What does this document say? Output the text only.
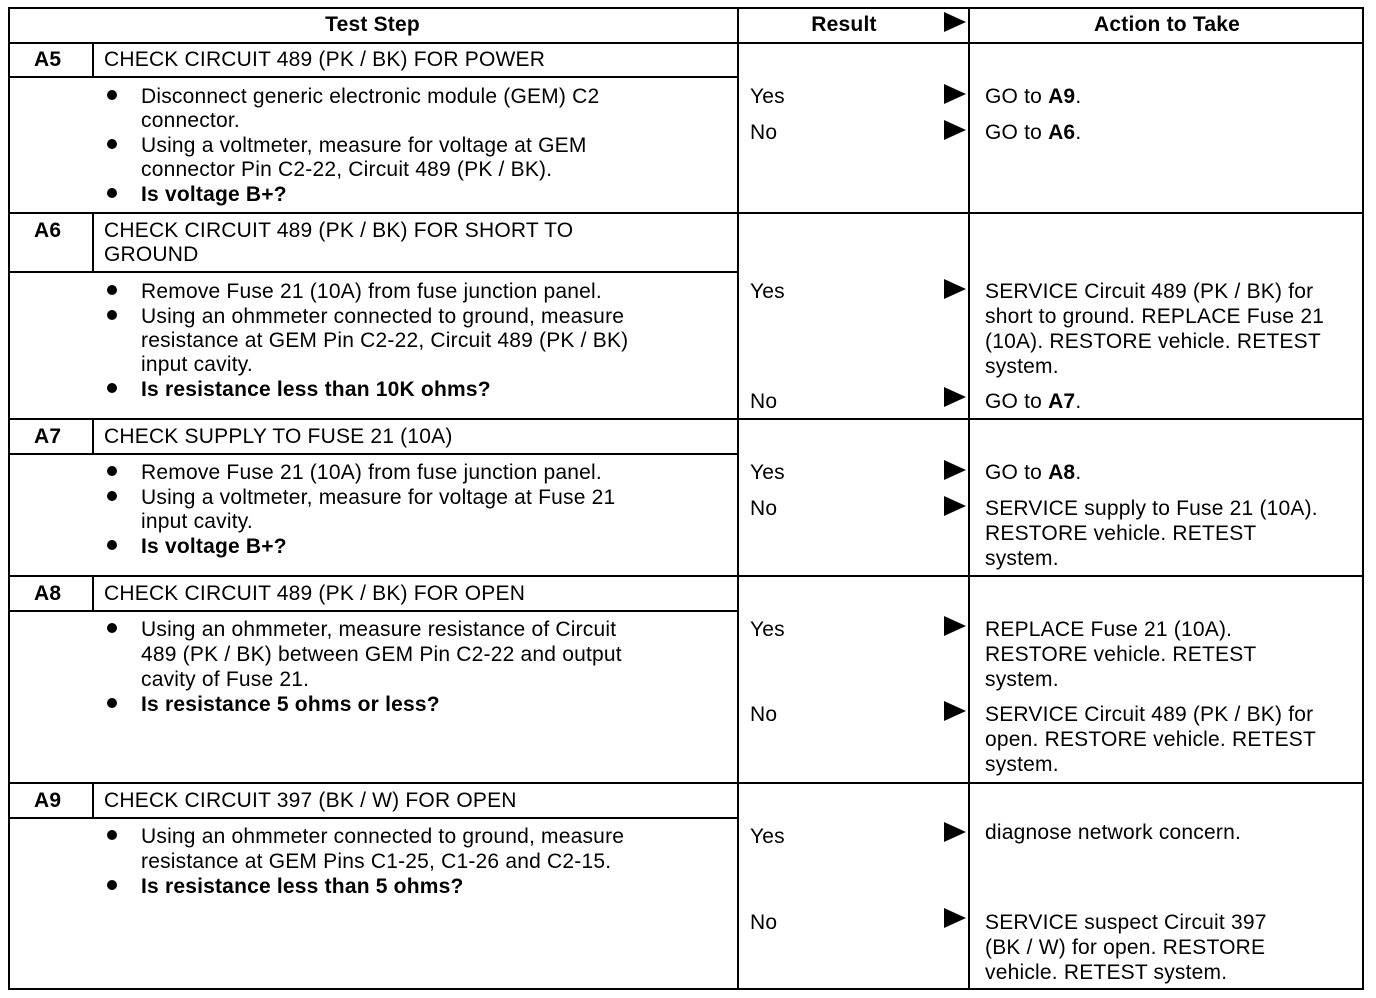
Test Step	Result	Action to Take
A5 CHECK CIRCUIT 489 (PK / BK) FOR POWER
Disconnect generic electronic module (GEM) C2
connector.
Using a voltmeter, measure for voltage at GEM
connector Pin C2-22, Circuit 489 (PK / BK).
Is voltage B+?
Yes	GO to A9.
No	GO to A6.
A6 CHECK CIRCUIT 489 (PK / BK) FOR SHORT TO
GROUND
Remove Fuse 21 (10A) from fuse junction panel.
Using an ohmmeter connected to ground, measure
resistance at GEM Pin C2-22, Circuit 489 (PK / BK)
input cavity.
Is resistance less than 10K ohms?
Yes	SERVICE Circuit 489 (PK / BK) for
short to ground. REPLACE Fuse 21
(10A). RESTORE vehicle. RETEST
system.
No	GO to A7.
A7 CHECK SUPPLY TO FUSE 21 (10A)
Remove Fuse 21 (10A) from fuse junction panel.
Using a voltmeter, measure for voltage at Fuse 21
input cavity.
Is voltage B+?
Yes	GO to A8.
No	SERVICE supply to Fuse 21 (10A).
RESTORE vehicle. RETEST
system.
A8 CHECK CIRCUIT 489 (PK / BK) FOR OPEN
Using an ohmmeter, measure resistance of Circuit
489 (PK / BK) between GEM Pin C2-22 and output
cavity of Fuse 21.
Is resistance 5 ohms or less?
Yes	REPLACE Fuse 21 (10A).
RESTORE vehicle. RETEST
system.
No	SERVICE Circuit 489 (PK / BK) for
open. RESTORE vehicle. RETEST
system.
A9 CHECK CIRCUIT 397 (BK / W) FOR OPEN
Using an ohmmeter connected to ground, measure
resistance at GEM Pins C1-25, C1-26 and C2-15.
Is resistance less than 5 ohms?
Yes	diagnose network concern.
No	SERVICE suspect Circuit 397
(BK / W) for open. RESTORE
vehicle. RETEST system.
